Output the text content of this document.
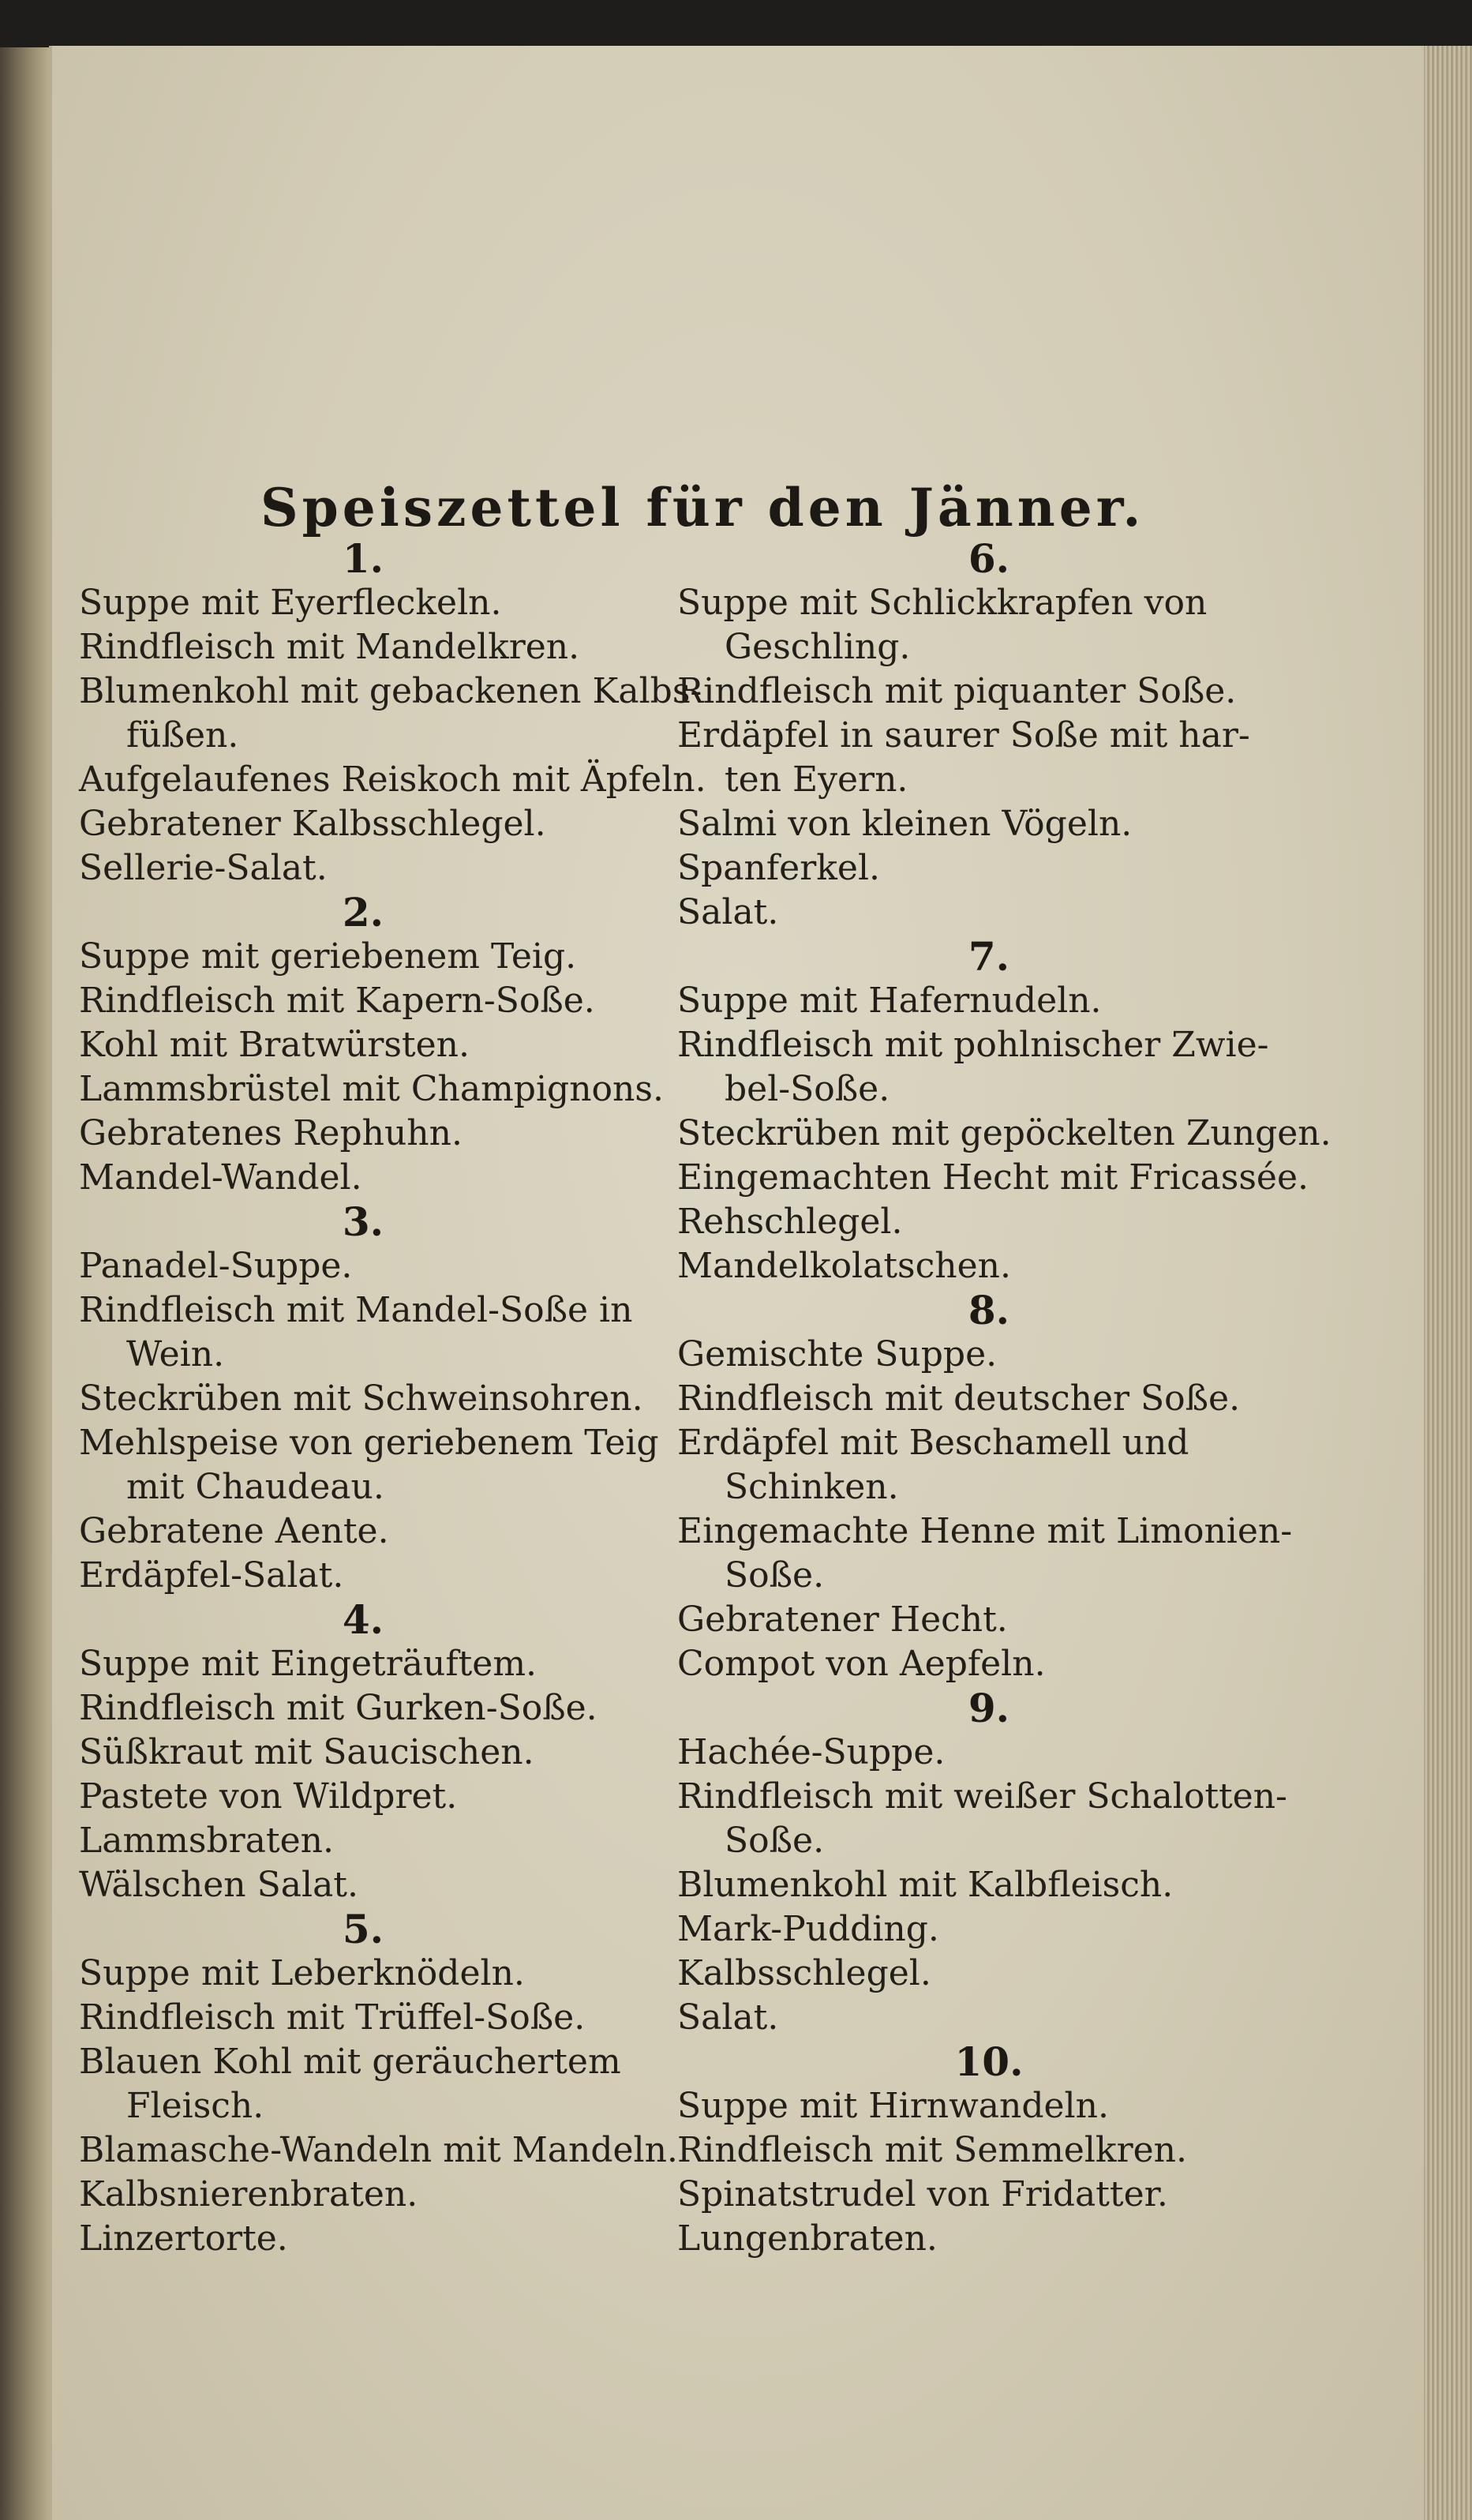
Speiszettel für den Jänner.
1.
Suppe mit Eyerfleckeln.
Rindfleisch mit Mandelkren.
Blumenkohl mit gebackenen Kalbs-
füßen.
Aufgelaufenes Reiskoch mit Äpfeln.
Gebratener Kalbsschlegel.
Sellerie-Salat.
2.
Suppe mit geriebenem Teig.
Rindfleisch mit Kapern-Soße.
Kohl mit Bratwürsten.
Lammsbrüstel mit Champignons.
Gebratenes Rephuhn.
Mandel-Wandel.
3.
Panadel-Suppe.
Rindfleisch mit Mandel-Soße in
Wein.
Steckrüben mit Schweinsohren.
Mehlspeise von geriebenem Teig
mit Chaudeau.
Gebratene Aente.
Erdäpfel-Salat.
4.
Suppe mit Eingeträuftem.
Rindfleisch mit Gurken-Soße.
Süßkraut mit Saucischen.
Pastete von Wildpret.
Lammsbraten.
Wälschen Salat.
5.
Suppe mit Leberknödeln.
Rindfleisch mit Trüffel-Soße.
Blauen Kohl mit geräuchertem
Fleisch.
Blamasche-Wandeln mit Mandeln.
Kalbsnierenbraten.
Linzertorte.
6.
Suppe mit Schlickkrapfen von
Geschling.
Rindfleisch mit piquanter Soße.
Erdäpfel in saurer Soße mit har-
ten Eyern.
Salmi von kleinen Vögeln.
Spanferkel.
Salat.
7.
Suppe mit Hafernudeln.
Rindfleisch mit pohlnischer Zwie-
bel-Soße.
Steckrüben mit gepöckelten Zungen.
Eingemachten Hecht mit Fricassée.
Rehschlegel.
Mandelkolatschen.
8.
Gemischte Suppe.
Rindfleisch mit deutscher Soße.
Erdäpfel mit Beschamell und
Schinken.
Eingemachte Henne mit Limonien-
Soße.
Gebratener Hecht.
Compot von Aepfeln.
9.
Hachée-Suppe.
Rindfleisch mit weißer Schalotten-
Soße.
Blumenkohl mit Kalbfleisch.
Mark-Pudding.
Kalbsschlegel.
Salat.
10.
Suppe mit Hirnwandeln.
Rindfleisch mit Semmelkren.
Spinatstrudel von Fridatter.
Lungenbraten.
